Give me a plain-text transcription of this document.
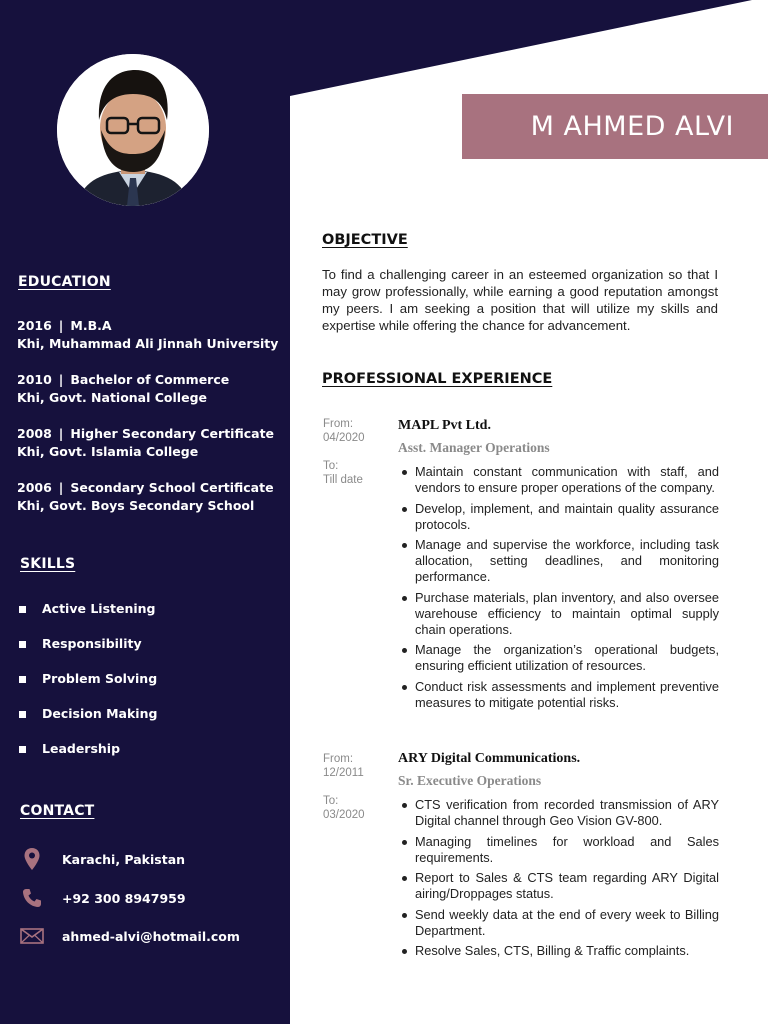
M AHMED ALVI
EDUCATION
2016 | M.B.A
Khi, Muhammad Ali Jinnah University
2010 | Bachelor of Commerce
Khi, Govt. National College
2008 | Higher Secondary Certificate
Khi, Govt. Islamia College
2006 | Secondary School Certificate
Khi, Govt. Boys Secondary School
SKILLS
Active Listening
Responsibility
Problem Solving
Decision Making
Leadership
CONTACT
Karachi, Pakistan
+92 300 8947959
ahmed-alvi@hotmail.com
OBJECTIVE

To find a challenging career in an esteemed organization so that I may grow professionally, while earning a good reputation amongst my peers. I am seeking a position that will utilize my skills and expertise while offering the chance for advancement.

PROFESSIONAL EXPERIENCE
From:
04/2020
To:
Till date
MAPL Pvt Ltd.
Asst. Manager Operations
Maintain constant communication with staff, and vendors to ensure proper operations of the company.
Develop, implement, and maintain quality assurance protocols.
Manage and supervise the workforce, including task allocation, setting deadlines, and monitoring performance.
Purchase materials, plan inventory, and also oversee warehouse efficiency to maintain optimal supply chain operations.
Manage the organization’s operational budgets, ensuring efficient utilization of resources.
Conduct risk assessments and implement preventive measures to mitigate potential risks.
From:
12/2011
To:
03/2020
ARY Digital Communications.
Sr. Executive Operations
CTS verification from recorded transmission of ARY Digital channel through Geo Vision GV-800.
Managing timelines for workload and Sales requirements.
Report to Sales & CTS team regarding ARY Digital airing/Droppages status.
Send weekly data at the end of every week to Billing Department.
Resolve Sales, CTS, Billing & Traffic complaints.
